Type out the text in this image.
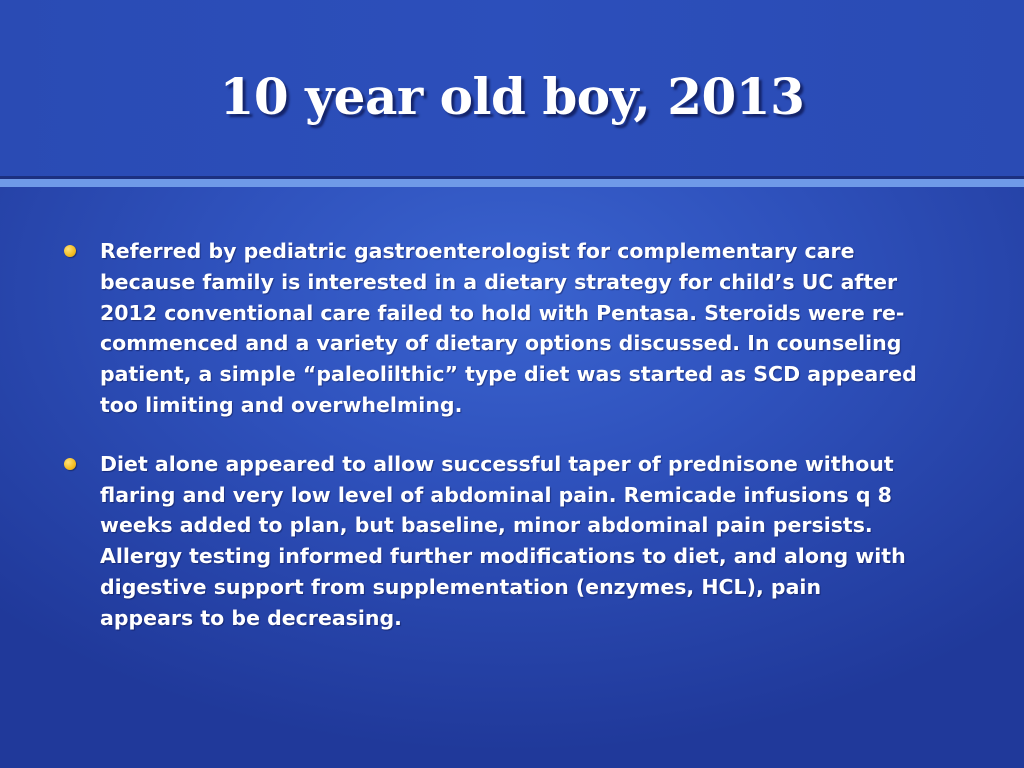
10 year old boy, 2013
Referred by pediatric gastroenterologist for complementary care
because family is interested in a dietary strategy for child’s UC after
2012 conventional care failed to hold with Pentasa. Steroids were re-
commenced and a variety of dietary options discussed. In counseling
patient, a simple “paleolilthic” type diet was started as SCD appeared
too limiting and overwhelming.
Diet alone appeared to allow successful taper of prednisone without
flaring and very low level of abdominal pain. Remicade infusions q 8
weeks added to plan, but baseline, minor abdominal pain persists.
Allergy testing informed further modifications to diet, and along with
digestive support from supplementation (enzymes, HCL), pain
appears to be decreasing.
